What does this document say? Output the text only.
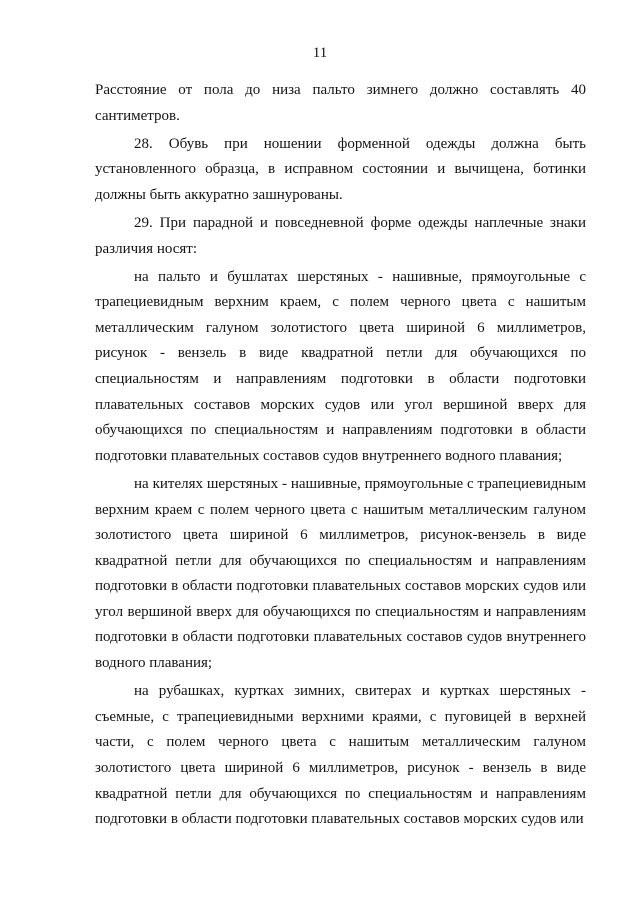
11

Расстояние от пола до низа пальто зимнего должно составлять 40 сантиметров.

28. Обувь при ношении форменной одежды должна быть установленного образца, в исправном состоянии и вычищена, ботинки должны быть аккуратно зашнурованы.

29. При парадной и повседневной форме одежды наплечные знаки различия носят:

на пальто и бушлатах шерстяных - нашивные, прямоугольные с трапециевидным верхним краем, с полем черного цвета с нашитым металлическим галуном золотистого цвета шириной 6 миллиметров, рисунок - вензель в виде квадратной петли для обучающихся по специальностям и направлениям подготовки в области подготовки плавательных составов морских судов или угол вершиной вверх для обучающихся по специальностям и направлениям подготовки в области подготовки плавательных составов судов внутреннего водного плавания;

на кителях шерстяных - нашивные, прямоугольные с трапециевидным верхним краем с полем черного цвета с нашитым металлическим галуном золотистого цвета шириной 6 миллиметров, рисунок-вензель в виде квадратной петли для обучающихся по специальностям и направлениям подготовки в области подготовки плавательных составов морских судов или угол вершиной вверх для обучающихся по специальностям и направлениям подготовки в области подготовки плавательных составов судов внутреннего водного плавания;

на рубашках, куртках зимних, свитерах и куртках шерстяных - съемные, с трапециевидными верхними краями, с пуговицей в верхней части, с полем черного цвета с нашитым металлическим галуном золотистого цвета шириной 6 миллиметров, рисунок - вензель в виде квадратной петли для обучающихся по специальностям и направлениям подготовки в области подготовки плавательных составов морских судов или
